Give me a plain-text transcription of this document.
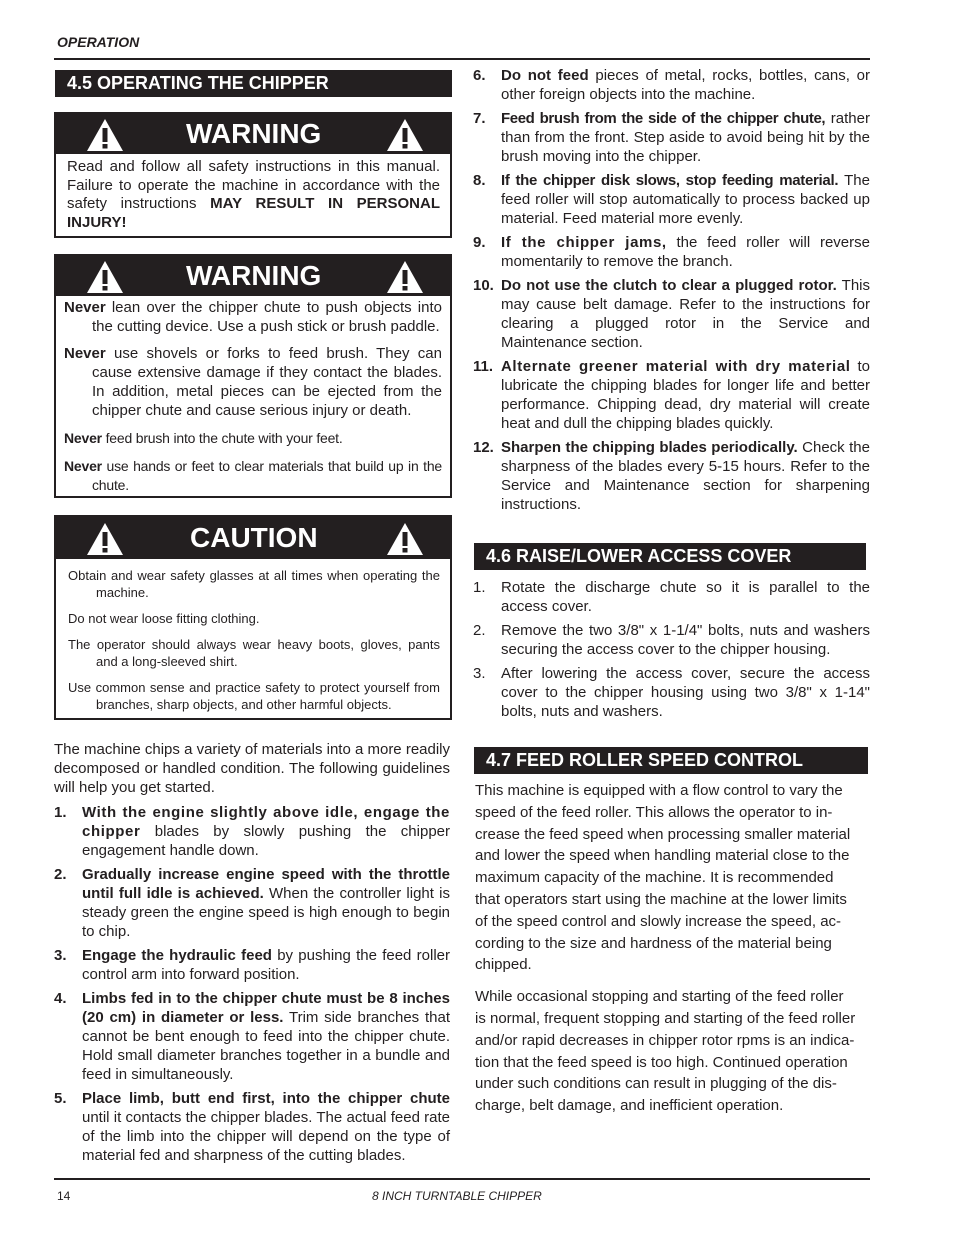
OPERATION
14	8 INCH TURNTABLE CHIPPER
4.5 OPERATING THE CHIPPER
WARNING

Read and follow all safety instructions in this manual. Failure to operate the machine in accordance with the safety instructions MAY RESULT IN PERSONAL INJURY!

WARNING

Never lean over the chipper chute to push objects into the cutting device. Use a push stick or brush paddle.

Never use shovels or forks to feed brush. They can cause extensive damage if they contact the blades. In addition, metal pieces can be ejected from the chipper chute and cause serious injury or death.

Never feed brush into the chute with your feet.

Never use hands or feet to clear materials that build up in the chute.

CAUTION

Obtain and wear safety glasses at all times when operating the machine.

Do not wear loose fitting clothing.

The operator should always wear heavy boots, gloves, pants and a long-sleeved shirt.

Use common sense and practice safety to protect yourself from branches, sharp objects, and other harmful objects.

The machine chips a variety of materials into a more readily decomposed or handled condition. The following guidelines will help you get started.

1. With the engine slightly above idle, engage the chipper blades by slowly pushing the chipper engagement handle down.
2. Gradually increase engine speed with the throttle until full idle is achieved. When the controller light is steady green the engine speed is high enough to begin to chip.
3. Engage the hydraulic feed by pushing the feed roller control arm into forward position.
4. Limbs fed in to the chipper chute must be 8 inches (20 cm) in diameter or less. Trim side branches that cannot be bent enough to feed into the chipper chute. Hold small diameter branches together in a bundle and feed in simultaneously.
5. Place limb, butt end first, into the chipper chute until it contacts the chipper blades. The actual feed rate of the limb into the chipper will depend on the type of material fed and sharpness of the cutting blades.
6. Do not feed pieces of metal, rocks, bottles, cans, or other foreign objects into the machine.
7. Feed brush from the side of the chipper chute, rather than from the front. Step aside to avoid being hit by the brush moving into the chipper.
8. If the chipper disk slows, stop feeding material. The feed roller will stop automatically to process backed up material. Feed material more evenly.
9. If the chipper jams, the feed roller will reverse momentarily to remove the branch.
10. Do not use the clutch to clear a plugged rotor. This may cause belt damage. Refer to the instructions for clearing a plugged rotor in the Service and Maintenance section.
11. Alternate greener material with dry material to lubricate the chipping blades for longer life and better performance. Chipping dead, dry material will create heat and dull the chipping blades quickly.
12. Sharpen the chipping blades periodically. Check the sharpness of the blades every 5-15 hours. Refer to the Service and Maintenance section for sharpening instructions.
4.6 RAISE/LOWER ACCESS COVER
1. Rotate the discharge chute so it is parallel to the access cover.
2. Remove the two 3/8" x 1-1/4" bolts, nuts and washers securing the access cover to the chipper housing.
3. After lowering the access cover, secure the access cover to the chipper housing using two 3/8" x 1-14" bolts, nuts and washers.
4.7 FEED ROLLER SPEED CONTROL

This machine is equipped with a flow control to vary the
speed of the feed roller. This allows the operator to in-
crease the feed speed when processing smaller material
and lower the speed when handling material close to the
maximum capacity of the machine. It is recommended
that operators start using the machine at the lower limits
of the speed control and slowly increase the speed, ac-
cording to the size and hardness of the material being
chipped.

While occasional stopping and starting of the feed roller
is normal, frequent stopping and starting of the feed roller
and/or rapid decreases in chipper rotor rpms is an indica-
tion that the feed speed is too high. Continued operation
under such conditions can result in plugging of the dis-
charge, belt damage, and inefficient operation.
